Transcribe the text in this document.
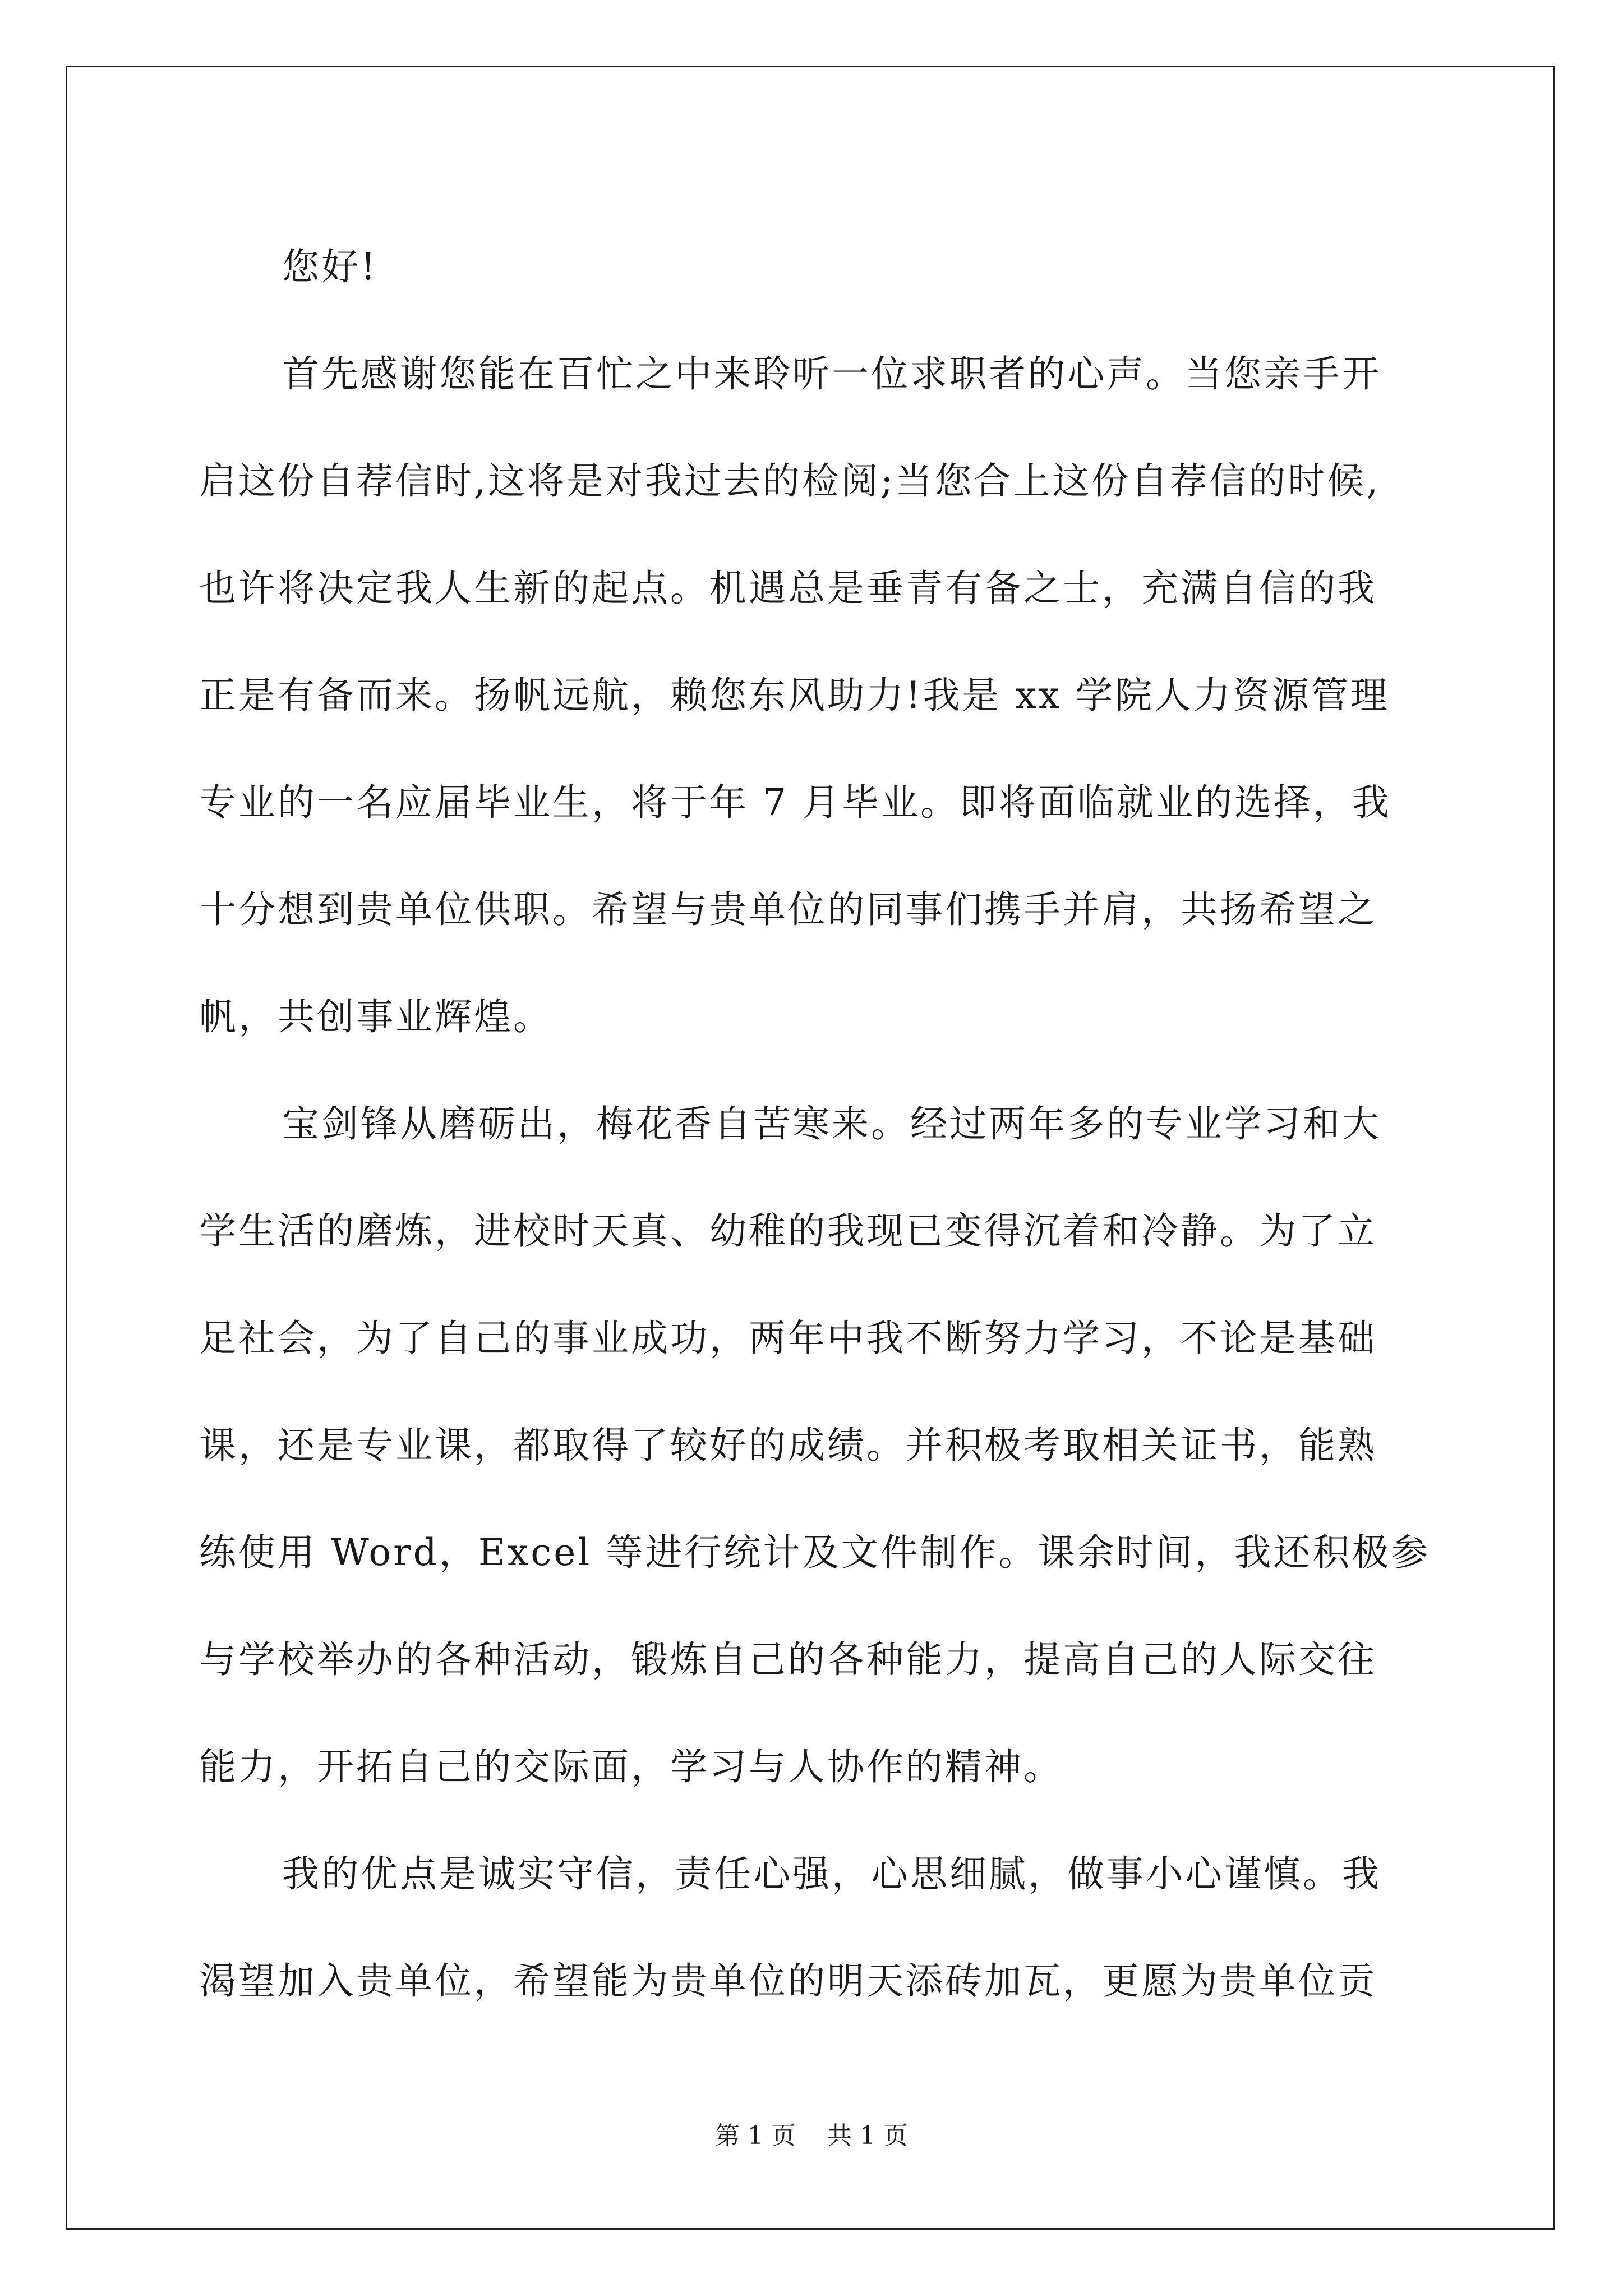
您好!
首先感谢您能在百忙之中来聆听一位求职者的心声。当您亲手开
启这份自荐信时,这将是对我过去的检阅;当您合上这份自荐信的时候,
也许将决定我人生新的起点。机遇总是垂青有备之士，充满自信的我
正是有备而来。扬帆远航，赖您东风助力!我是 xx 学院人力资源管理
专业的一名应届毕业生，将于年 7 月毕业。即将面临就业的选择，我
十分想到贵单位供职。希望与贵单位的同事们携手并肩，共扬希望之
帆，共创事业辉煌。
宝剑锋从磨砺出，梅花香自苦寒来。经过两年多的专业学习和大
学生活的磨炼，进校时天真、幼稚的我现已变得沉着和冷静。为了立
足社会，为了自己的事业成功，两年中我不断努力学习，不论是基础
课，还是专业课，都取得了较好的成绩。并积极考取相关证书，能熟
练使用 Word，Excel 等进行统计及文件制作。课余时间，我还积极参
与学校举办的各种活动，锻炼自己的各种能力，提高自己的人际交往
能力，开拓自己的交际面，学习与人协作的精神。
我的优点是诚实守信，责任心强，心思细腻，做事小心谨慎。我
渴望加入贵单位，希望能为贵单位的明天添砖加瓦，更愿为贵单位贡
第 1 页 共 1 页
